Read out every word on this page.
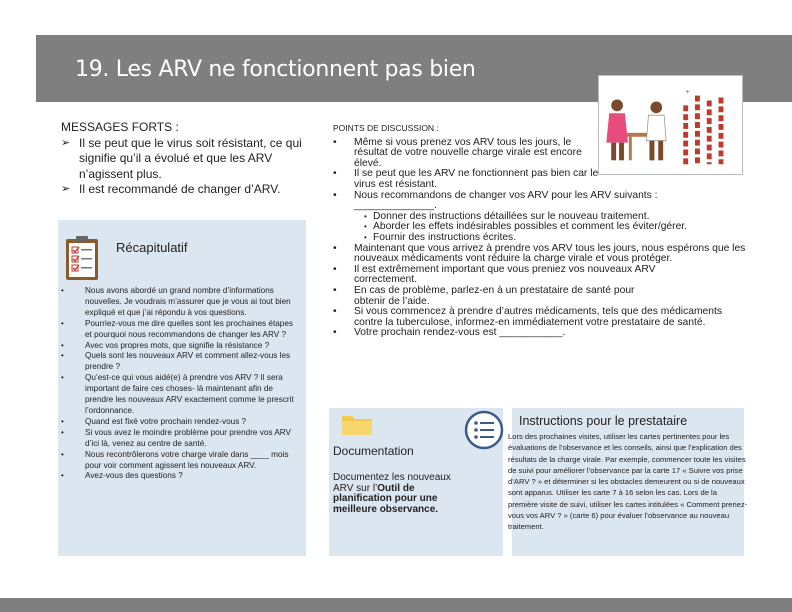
19. Les ARV ne fonctionnent pas bien
MESSAGES FORTS :
➢ Il se peut que le virus soit résistant, ce qui signifie qu’il a évolué et que les ARV n’agissent plus.
➢ Il est recommandé de changer d’ARV.
Récapitulatif
• Nous avons abordé un grand nombre d’informations nouvelles. Je voudrais m’assurer que je vous ai tout bien expliqué et que j’ai répondu à vos questions.
• Pourriez-vous me dire quelles sont les prochaines étapes et pourquoi nous recommandons de changer les ARV ?
• Avec vos propres mots, que signifie la résistance ?
• Quels sont les nouveaux ARV et comment allez-vous les prendre ?
• Qu’est-ce qui vous aidé(e) à prendre vos ARV ? Il sera important de faire ces choses- là maintenant afin de prendre les nouveaux ARV exactement comme le prescrit l’ordonnance.
• Quand est fixé votre prochain rendez-vous ?
• Si vous avez le moindre problème pour prendre vos ARV d’ici là, venez au centre de santé.
• Nous recontrôlerons votre charge virale dans ____ mois pour voir comment agissent les nouveaux ARV.
• Avez-vous des questions ?
+
POINTS DE DISCUSSION :
• Même si vous prenez vos ARV tous les jours, le résultat de votre nouvelle charge virale est encore élevé.
• Il se peut que les ARV ne fonctionnent pas bien car le virus est résistant.
• Nous recommandons de changer vos ARV pour les ARV suivants : ______________.
• Donner des instructions détaillées sur le nouveau traitement.
• Aborder les effets indésirables possibles et comment les éviter/gérer.
• Fournir des instructions écrites.
• Maintenant que vous arrivez à prendre vos ARV tous les jours, nous espérons que les nouveaux médicaments vont réduire la charge virale et vous protéger.
• Il est extrêmement important que vous preniez vos nouveaux ARV correctement.
• En cas de problème, parlez-en à un prestataire de santé pour obtenir de l’aide.
• Si vous commencez à prendre d’autres médicaments, tels que des médicaments contre la tuberculose, informez-en immédiatement votre prestataire de santé.
• Votre prochain rendez-vous est ___________.
Documentation
Documentez les nouveaux ARV sur l’Outil de planification pour une meilleure observance.
Instructions pour le prestataire
Lors des prochaines visites, utiliser les cartes pertinentes pour les évaluations de l’observance et les conseils, ainsi que l’explication des résultats de la charge virale. Par exemple, commencer toute les visites de suivi pour améliorer l’observance par la carte 17 « Suivre vos prise d’ARV ? » et déterminer si les obstacles demeurent ou si de nouveaux sont apparus. Utiliser les carte 7 à 16 selon les cas. Lors de la première visite de suivi, utiliser les cartes intitulées « Comment prenez-vous vos ARV ? » (carte 6) pour évaluer l’observance au nouveau traitement.
